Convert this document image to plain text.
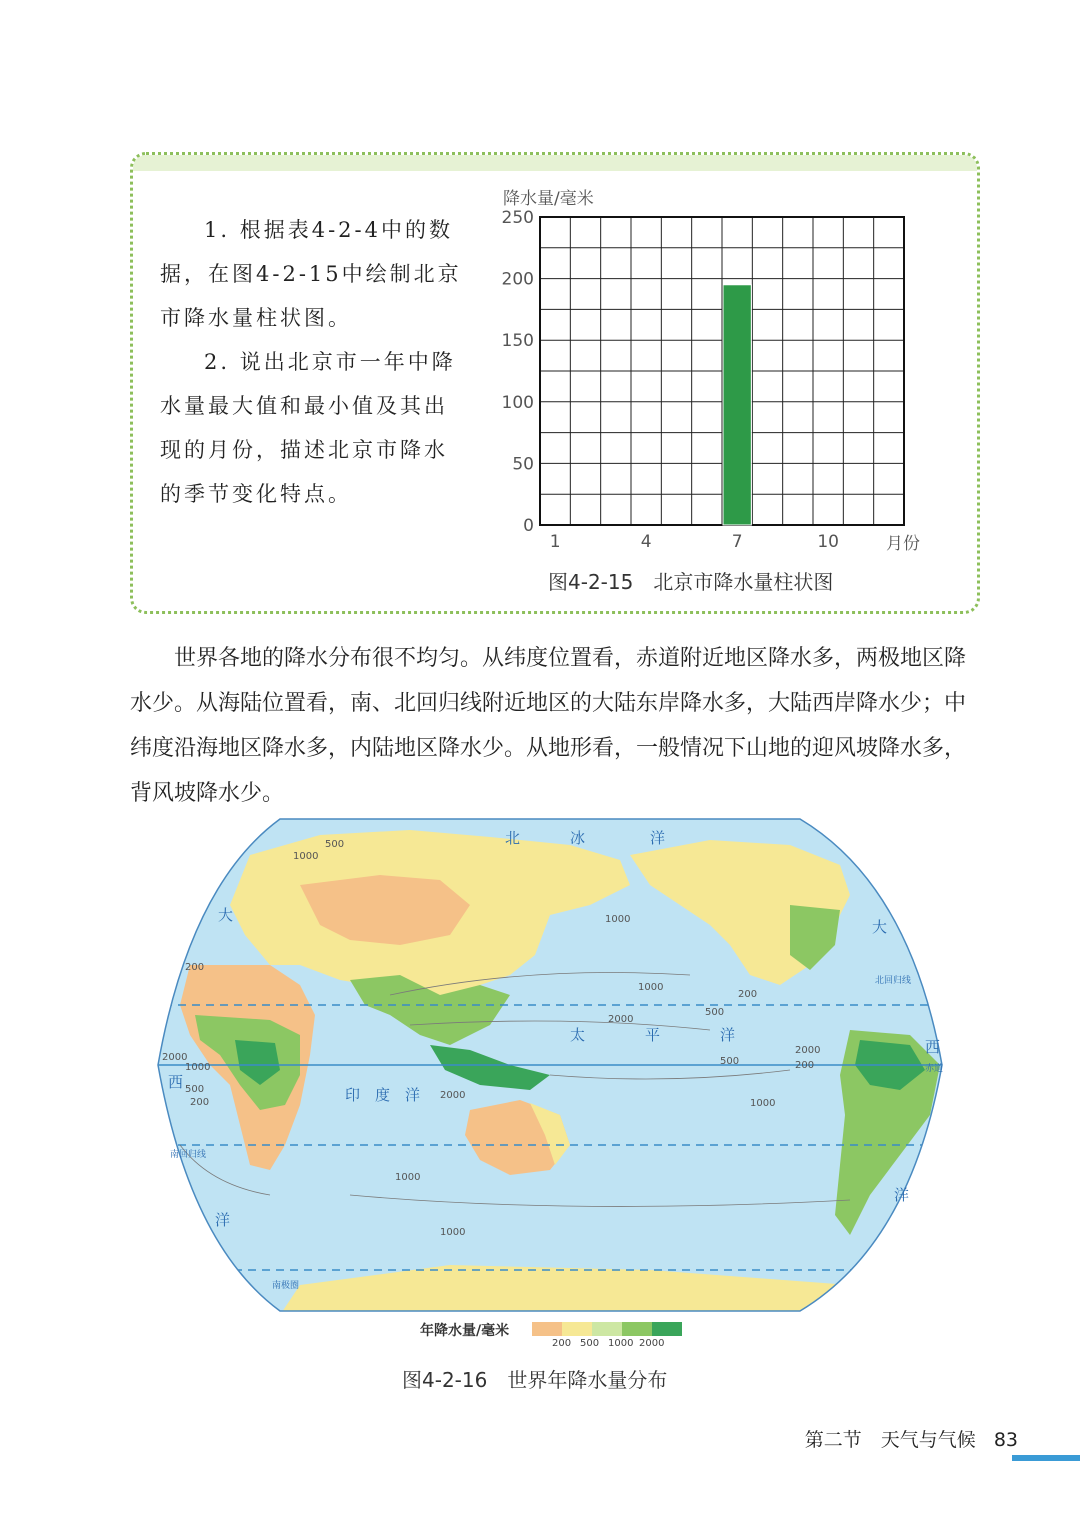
1. 根据表4-2-4中的数据，在图4-2-15中绘制北京市降水量柱状图。
2. 说出北京市一年中降水量最大值和最小值及其出现的月份，描述北京市降水的季节变化特点。
0
50
100
150
200
250
1	4	7	10
降水量/毫米
月份
图4-2-15　北京市降水量柱状图
世界各地的降水分布很不均匀。从纬度位置看，赤道附近地区降水多，两极地区降水少。从海陆位置看，南、北回归线附近地区的大陆东岸降水多，大陆西岸降水少；中纬度沿海地区降水多，内陆地区降水少。从地形看，一般情况下山地的迎风坡降水多，背风坡降水少。
北	冰	洋
太	平	洋
印 度 洋
大
西
洋
大
西
洋
北回归线
赤道
南回归线
南极圈
200
500
1000
2000
200
500
1000
2000
1000
500
200
1000
2000
500
1000
2000
200
1000
1000
年降水量/毫米
200 500 1000 2000
图4-2-16　世界年降水量分布
第二节　天气与气候 83
